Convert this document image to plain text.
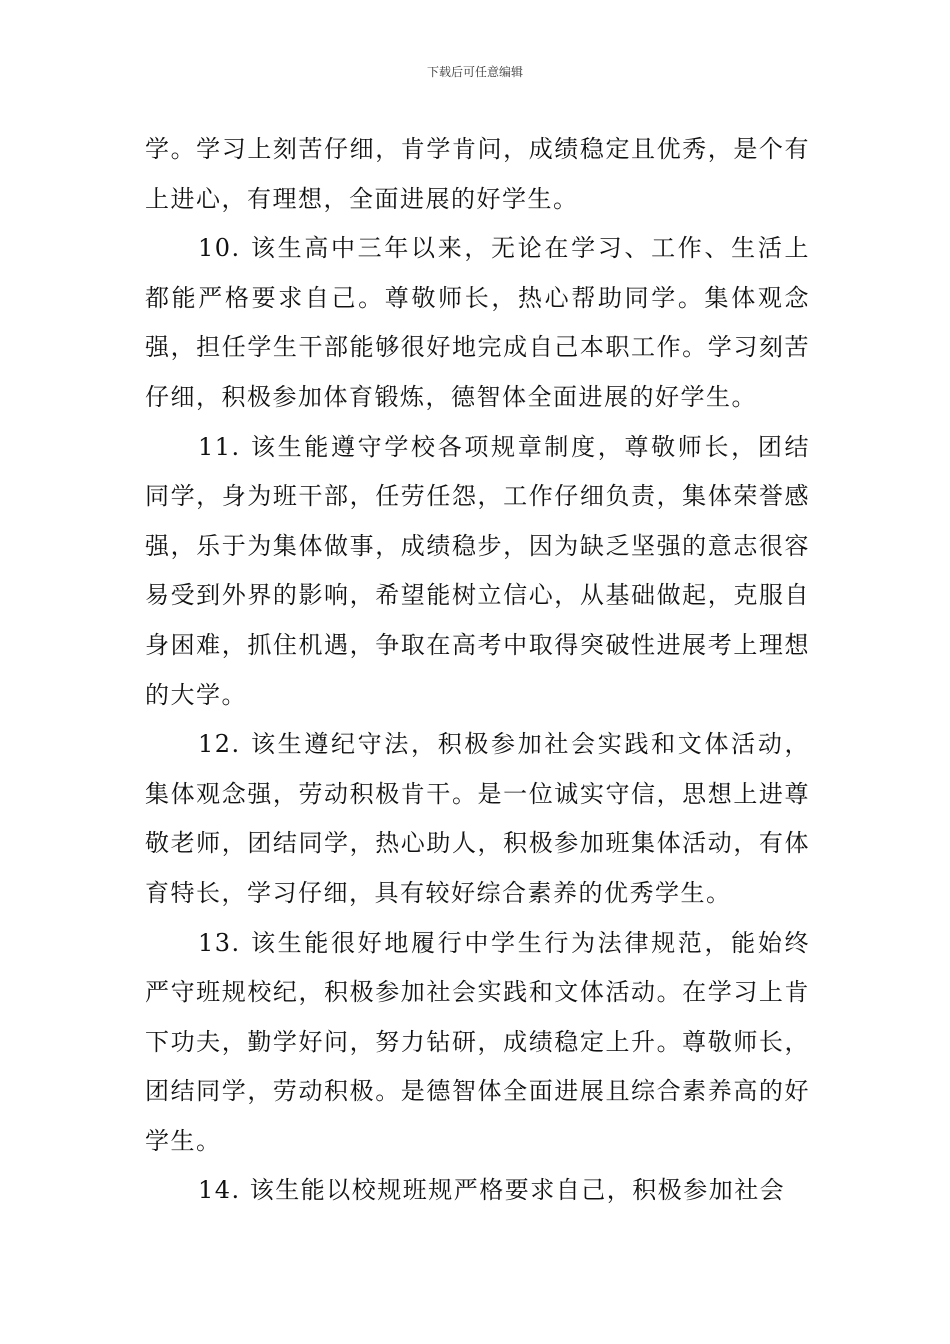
下载后可任意编辑

学。学习上刻苦仔细，肯学肯问，成绩稳定且优秀，是个有上进心，有理想，全面进展的好学生。

10. 该生高中三年以来，无论在学习、工作、生活上都能严格要求自己。尊敬师长，热心帮助同学。集体观念强，担任学生干部能够很好地完成自己本职工作。学习刻苦仔细，积极参加体育锻炼，德智体全面进展的好学生。

11. 该生能遵守学校各项规章制度，尊敬师长，团结同学，身为班干部，任劳任怨，工作仔细负责，集体荣誉感强，乐于为集体做事，成绩稳步，因为缺乏坚强的意志很容易受到外界的影响，希望能树立信心，从基础做起，克服自身困难，抓住机遇，争取在高考中取得突破性进展考上理想的大学。

12. 该生遵纪守法，积极参加社会实践和文体活动，集体观念强，劳动积极肯干。是一位诚实守信，思想上进尊敬老师，团结同学，热心助人，积极参加班集体活动，有体育特长，学习仔细，具有较好综合素养的优秀学生。

13. 该生能很好地履行中学生行为法律规范，能始终严守班规校纪，积极参加社会实践和文体活动。在学习上肯下功夫，勤学好问，努力钻研，成绩稳定上升。尊敬师长，团结同学，劳动积极。是德智体全面进展且综合素养高的好学生。

14. 该生能以校规班规严格要求自己，积极参加社会
